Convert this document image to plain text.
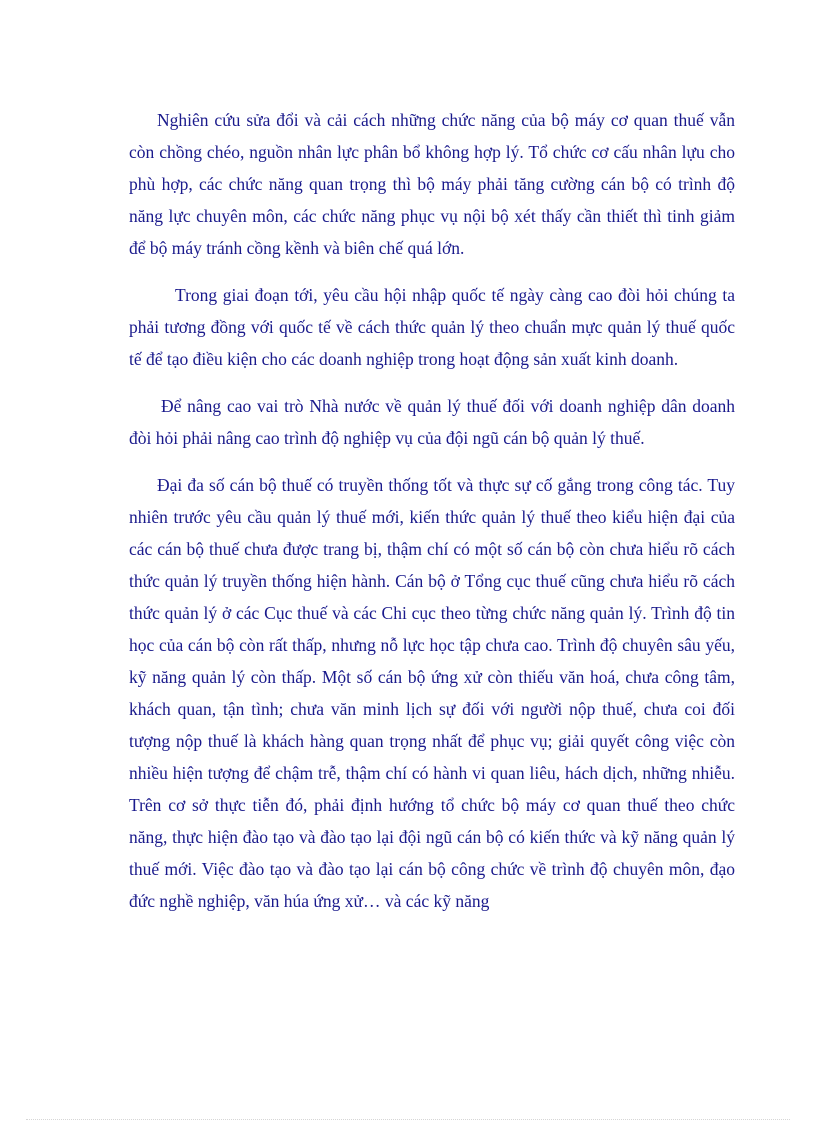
Nghiên cứu sửa đổi và cải cách những chức năng của bộ máy cơ quan thuế vẫn còn chồng chéo, nguồn nhân lực phân bổ không hợp lý. Tổ chức cơ cấu nhân lựu cho phù hợp, các chức năng quan trọng thì bộ máy phải tăng cường cán bộ có trình độ năng lực chuyên môn, các chức năng phục vụ nội bộ xét thấy cần thiết thì tinh giảm để bộ máy tránh cồng kềnh và biên chế quá lớn.

Trong giai đoạn tới, yêu cầu hội nhập quốc tế ngày càng cao đòi hỏi chúng ta phải tương đồng với quốc tế về cách thức quản lý theo chuẩn mực quản lý thuế quốc tế để tạo điều kiện cho các doanh nghiệp trong hoạt động sản xuất kinh doanh.

Để nâng cao vai trò Nhà nước về quản lý thuế đối với doanh nghiệp dân doanh đòi hỏi phải nâng cao trình độ nghiệp vụ của đội ngũ cán bộ quản lý thuế.

Đại đa số cán bộ thuế có truyền thống tốt và thực sự cố gắng trong công tác. Tuy nhiên trước yêu cầu quản lý thuế mới, kiến thức quản lý thuế theo kiểu hiện đại của các cán bộ thuế chưa được trang bị, thậm chí có một số cán bộ còn chưa hiểu rõ cách thức quản lý truyền thống hiện hành. Cán bộ ở Tổng cục thuế cũng chưa hiểu rõ cách thức quản lý ở các Cục thuế và các Chi cục theo từng chức năng quản lý. Trình độ tin học của cán bộ còn rất thấp, nhưng nỗ lực học tập chưa cao. Trình độ chuyên sâu yếu, kỹ năng quản lý còn thấp. Một số cán bộ ứng xử còn thiếu văn hoá, chưa công tâm, khách quan, tận tình; chưa văn minh lịch sự đối với người nộp thuế, chưa coi đối tượng nộp thuế là khách hàng quan trọng nhất để phục vụ; giải quyết công việc còn nhiều hiện tượng để chậm trễ, thậm chí có hành vi quan liêu, hách dịch, những nhiễu. Trên cơ sở thực tiễn đó, phải định hướng tổ chức bộ máy cơ quan thuế theo chức năng, thực hiện đào tạo và đào tạo lại đội ngũ cán bộ có kiến thức và kỹ năng quản lý thuế mới. Việc đào tạo và đào tạo lại cán bộ công chức về trình độ chuyên môn, đạo đức nghề nghiệp, văn húa ứng xử… và các kỹ năng
